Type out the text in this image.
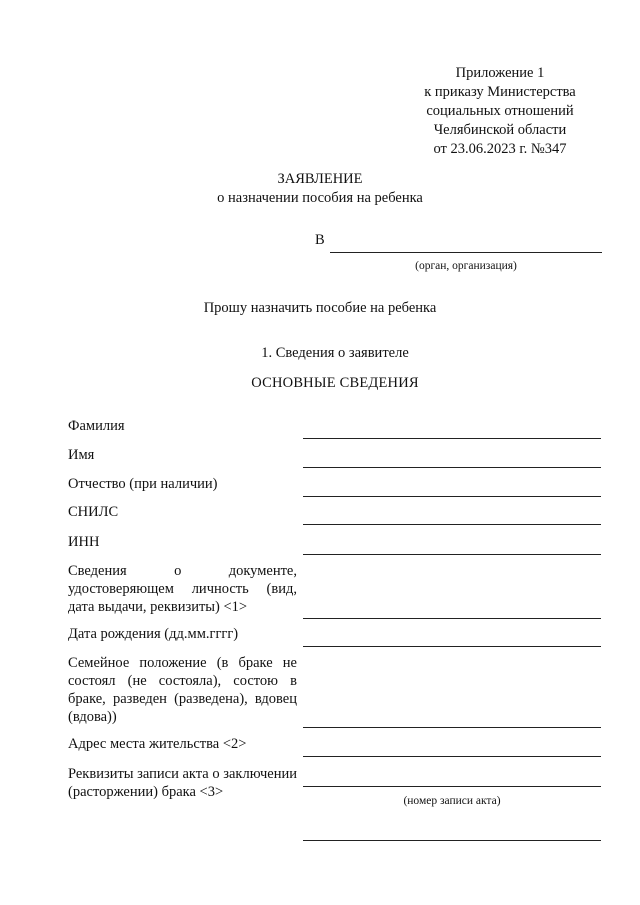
Приложение 1
к приказу Министерства
социальных отношений
Челябинской области
от 23.06.2023 г. №347
ЗАЯВЛЕНИЕ
о назначении пособия на ребенка
В
(орган, организация)
Прошу назначить пособие на ребенка
1. Сведения о заявителе
ОСНОВНЫЕ СВЕДЕНИЯ
Фамилия
Имя
Отчество (при наличии)
СНИЛС
ИНН
Сведения о документе, удостоверяющем личность (вид, дата выдачи, реквизиты) <1>
Дата рождения (дд.мм.гггг)
Семейное положение (в браке не состоял (не состояла), состою в браке, разведен (разведена), вдовец (вдова))
Адрес места жительства <2>
Реквизиты записи акта о заключении (расторжении) брака <3>
(номер записи акта)
